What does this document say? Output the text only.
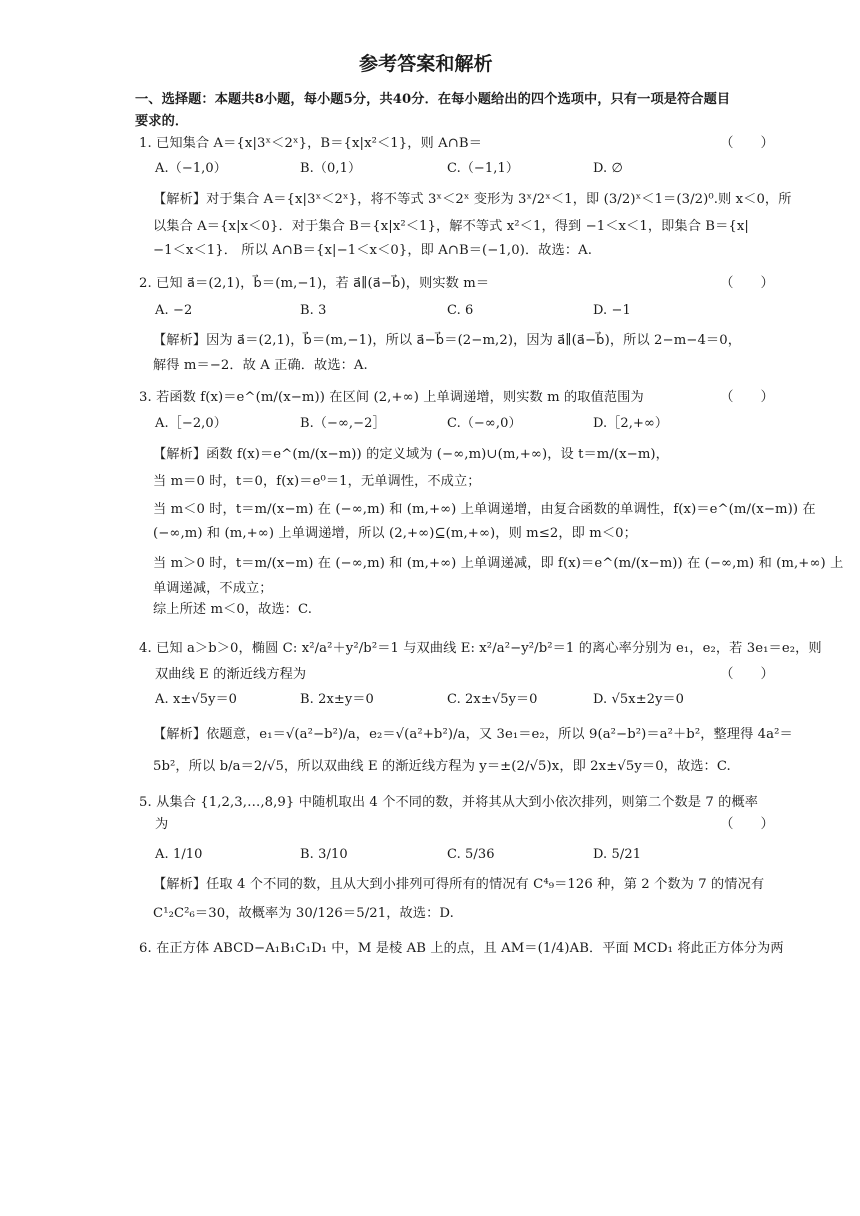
参考答案和解析
一、选择题：本题共8小题，每小题5分，共40分．在每小题给出的四个选项中，只有一项是符合题目
要求的．
1. 已知集合 A＝{x|3ˣ＜2ˣ}，B＝{x|x²＜1}，则 A∩B＝	（　　）
A.（−1,0）	B.（0,1）	C.（−1,1）	D. ∅
【解析】对于集合 A＝{x|3ˣ＜2ˣ}，将不等式 3ˣ＜2ˣ 变形为 3ˣ/2ˣ＜1，即 (3/2)ˣ＜1＝(3/2)⁰.则 x＜0，所
以集合 A＝{x|x＜0}．对于集合 B＝{x|x²＜1}，解不等式 x²＜1，得到 −1＜x＜1，即集合 B＝{x|
−1＜x＜1}． 所以 A∩B＝{x|−1＜x＜0}，即 A∩B＝(−1,0)．故选：A.
2. 已知 a⃗＝(2,1)，b⃗＝(m,−1)，若 a⃗∥(a⃗−b⃗)，则实数 m＝	（　　）
A. −2	B. 3	C. 6	D. −1
【解析】因为 a⃗＝(2,1)，b⃗＝(m,−1)，所以 a⃗−b⃗＝(2−m,2)，因为 a⃗∥(a⃗−b⃗)，所以 2−m−4＝0，
解得 m＝−2．故 A 正确．故选：A.
3. 若函数 f(x)＝e^(m/(x−m)) 在区间 (2,+∞) 上单调递增，则实数 m 的取值范围为	（　　）
A.［−2,0）	B.（−∞,−2］	C.（−∞,0）	D.［2,+∞）
【解析】函数 f(x)＝e^(m/(x−m)) 的定义域为 (−∞,m)∪(m,+∞)，设 t＝m/(x−m)，
当 m＝0 时，t＝0，f(x)＝e⁰＝1，无单调性，不成立；
当 m＜0 时，t＝m/(x−m) 在 (−∞,m) 和 (m,+∞) 上单调递增，由复合函数的单调性，f(x)＝e^(m/(x−m)) 在
(−∞,m) 和 (m,+∞) 上单调递增，所以 (2,+∞)⊆(m,+∞)，则 m≤2，即 m＜0；
当 m＞0 时，t＝m/(x−m) 在 (−∞,m) 和 (m,+∞) 上单调递减，即 f(x)＝e^(m/(x−m)) 在 (−∞,m) 和 (m,+∞) 上
单调递减，不成立；
综上所述 m＜0，故选：C.
4. 已知 a＞b＞0，椭圆 C: x²/a²＋y²/b²＝1 与双曲线 E: x²/a²−y²/b²＝1 的离心率分别为 e₁，e₂，若 3e₁＝e₂，则
双曲线 E 的渐近线方程为	（　　）
A. x±√5y＝0	B. 2x±y＝0	C. 2x±√5y＝0	D. √5x±2y＝0
【解析】依题意，e₁＝√(a²−b²)/a，e₂＝√(a²+b²)/a，又 3e₁＝e₂，所以 9(a²−b²)＝a²＋b²，整理得 4a²＝
5b²，所以 b/a＝2/√5，所以双曲线 E 的渐近线方程为 y＝±(2/√5)x，即 2x±√5y＝0，故选：C.
5. 从集合 {1,2,3,…,8,9} 中随机取出 4 个不同的数，并将其从大到小依次排列，则第二个数是 7 的概率
为	（　　）
A. 1/10	B. 3/10	C. 5/36	D. 5/21
【解析】任取 4 个不同的数，且从大到小排列可得所有的情况有 C⁴₉＝126 种，第 2 个数为 7 的情况有
C¹₂C²₆＝30，故概率为 30/126＝5/21，故选：D.
6. 在正方体 ABCD−A₁B₁C₁D₁ 中，M 是棱 AB 上的点，且 AM＝(1/4)AB．平面 MCD₁ 将此正方体分为两
